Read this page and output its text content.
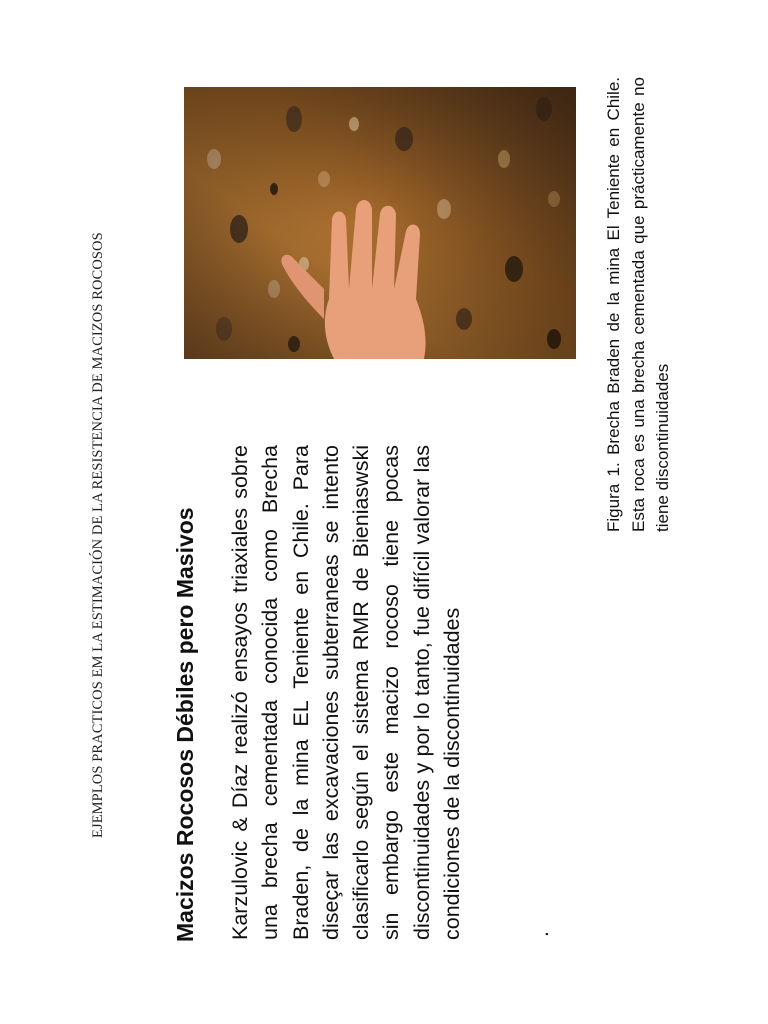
EJEMPLOS PRACTICOS EM LA ESTIMACIÓN DE LA RESISTENCIA DE MACIZOS ROCOSOS	Macizos Rocosos Débiles pero Masivos Karzulovic & Díaz realizó ensayos triaxiales sobre una brecha cementada conocida como Brecha Braden, de la mina EL Teniente en Chile. Para diseçar las excavaciones subterraneas se intento clasificarlo según el sistema RMR de Bieniaswski sin embargo este macizo rocoso tiene pocas discontinuidades y por lo tanto, fue difícil valorar las condiciones de la discontinuidades	.

Figura 1. Brecha Braden de la mina El Teniente en Chile. Esta roca es una brecha cementada que prácticamente no tiene discontinuidades
